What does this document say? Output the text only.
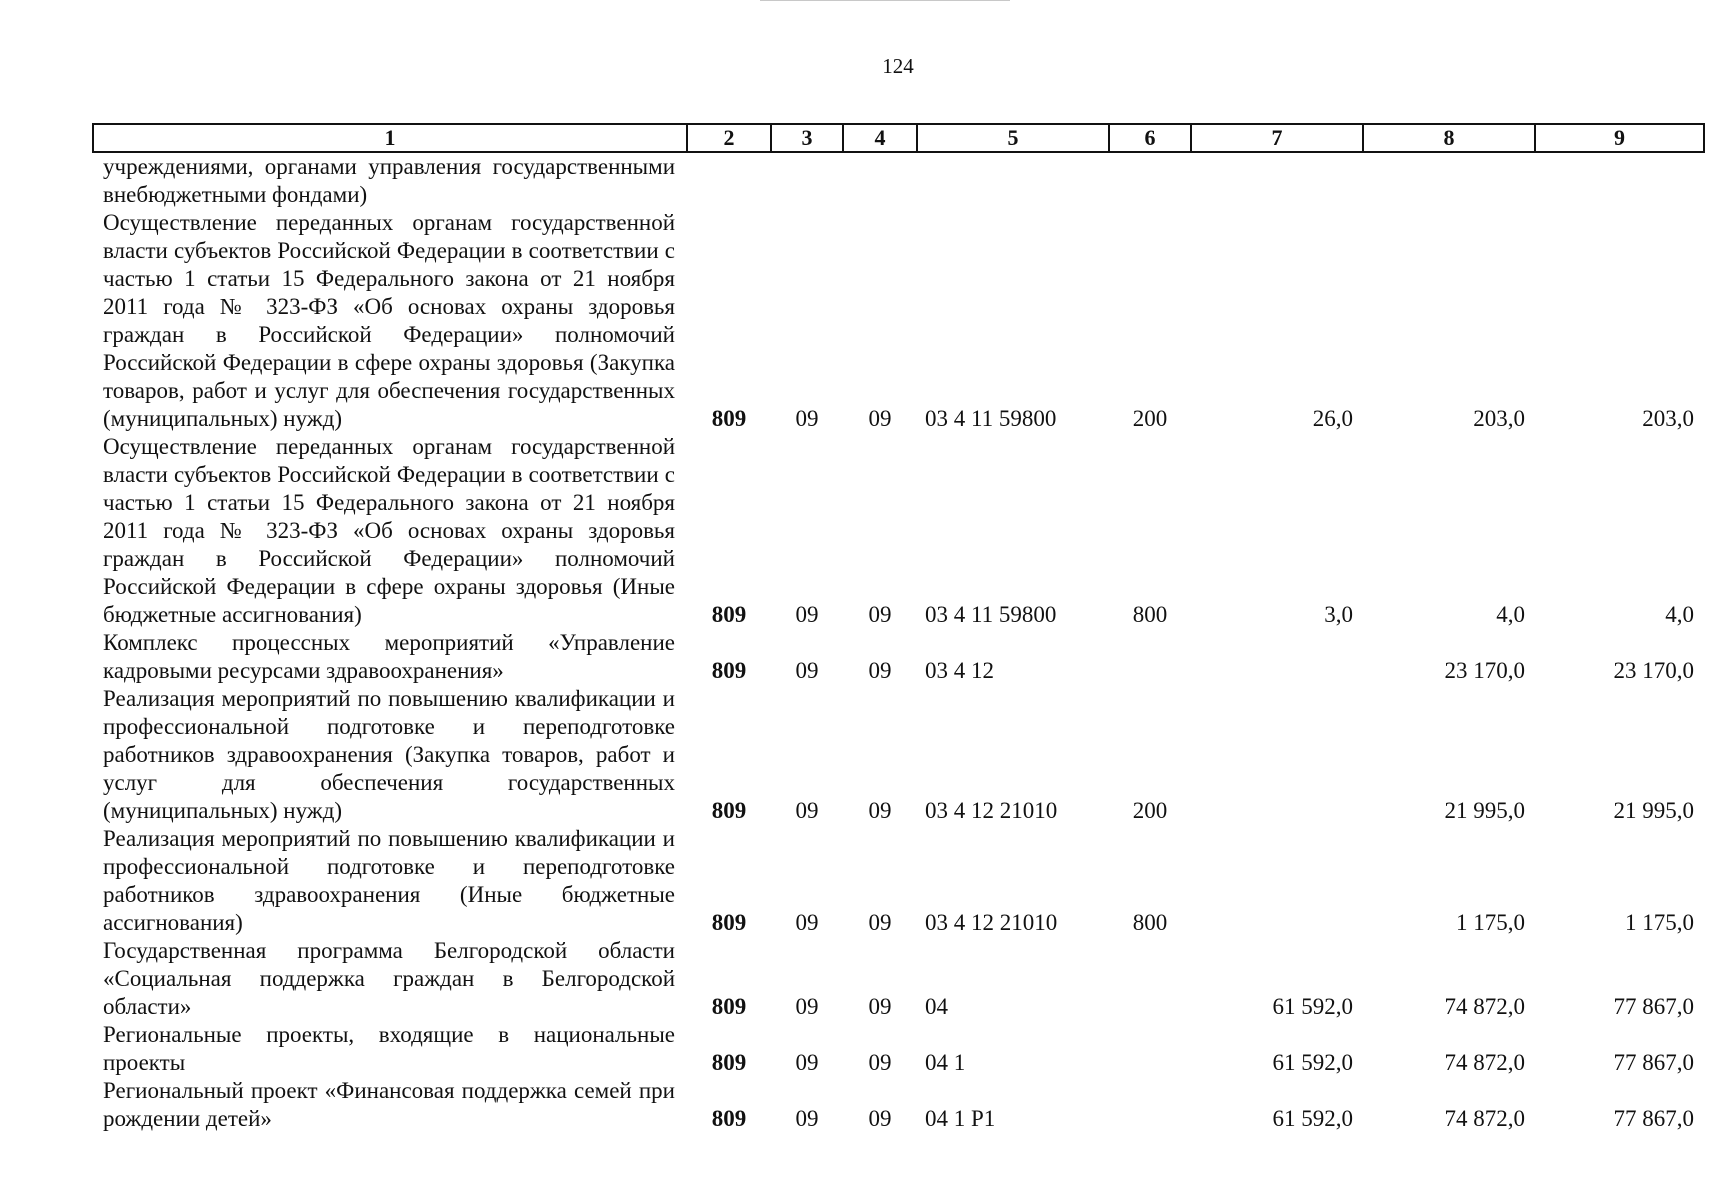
124
1	2	3	4	5	6	7	8	9
учреждениями, органами управления государственными внебюджетными фондами)								
Осуществление переданных органам государственной власти субъектов Российской Федерации в соответствии с частью 1 статьи 15 Федерального закона от 21 ноября 2011 года № 323-ФЗ «Об основах охраны здоровья граждан в Российской Федерации» полномочий Российской Федерации в сфере охраны здоровья (Закупка товаров, работ и услуг для обеспечения государственных (муниципальных) нужд)	809	09	09	03 4 11 59800	200	26,0	203,0	203,0
Осуществление переданных органам государственной власти субъектов Российской Федерации в соответствии с частью 1 статьи 15 Федерального закона от 21 ноября 2011 года № 323-ФЗ «Об основах охраны здоровья граждан в Российской Федерации» полномочий Российской Федерации в сфере охраны здоровья (Иные бюджетные ассигнования)	809	09	09	03 4 11 59800	800	3,0	4,0	4,0
Комплекс процессных мероприятий «Управление кадровыми ресурсами здравоохранения»	809	09	09	03 4 12			23 170,0	23 170,0
Реализация мероприятий по повышению квалификации и профессиональной подготовке и переподготовке работников здравоохранения (Закупка товаров, работ и услуг для обеспечения государственных (муниципальных) нужд)	809	09	09	03 4 12 21010	200		21 995,0	21 995,0
Реализация мероприятий по повышению квалификации и профессиональной подготовке и переподготовке работников здравоохранения (Иные бюджетные ассигнования)	809	09	09	03 4 12 21010	800		1 175,0	1 175,0
Государственная программа Белгородской области «Социальная поддержка граждан в Белгородской области»	809	09	09	04		61 592,0	74 872,0	77 867,0
Региональные проекты, входящие в национальные проекты	809	09	09	04 1		61 592,0	74 872,0	77 867,0
Региональный проект «Финансовая поддержка семей при рождении детей»	809	09	09	04 1 Р1		61 592,0	74 872,0	77 867,0
